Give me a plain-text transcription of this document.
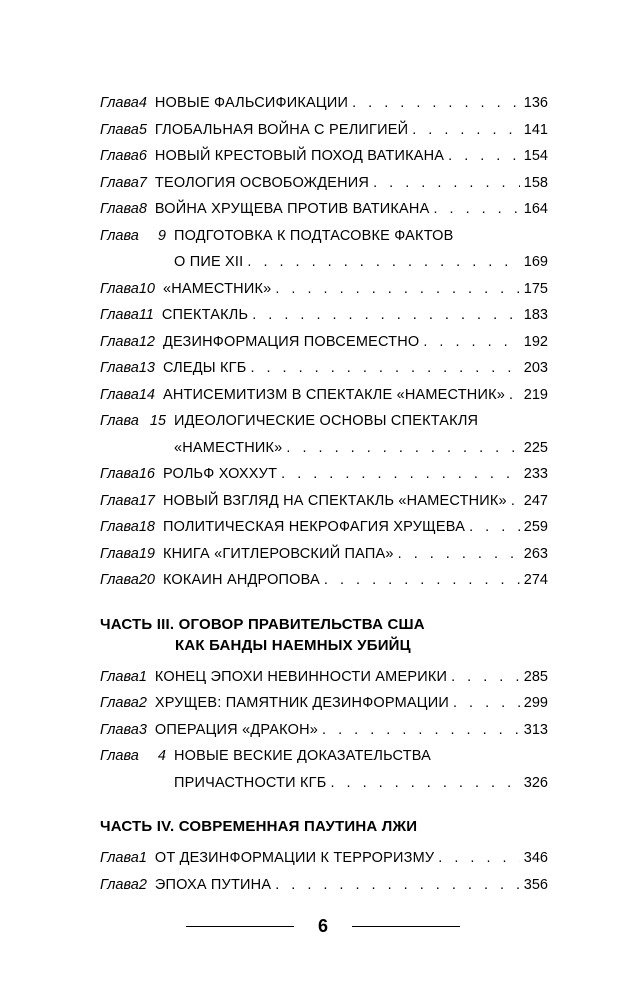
Глава 4 НОВЫЕ ФАЛЬСИФИКАЦИИ . . .	136
Глава 5 ГЛОБАЛЬНАЯ ВОЙНА С РЕЛИГИЕЙ . . .	141
Глава 6 НОВЫЙ КРЕСТОВЫЙ ПОХОД ВАТИКАНА . . .	154
Глава 7 ТЕОЛОГИЯ ОСВОБОЖДЕНИЯ . . .	158
Глава 8 ВОЙНА ХРУЩЕВА ПРОТИВ ВАТИКАНА . . .	164
Глава	9 ПОДГОТОВКА К ПОДТАСОВКЕ ФАКТОВ
О ПИЕ XII . . .	169
Глава 10 «НАМЕСТНИК» . . .	175
Глава 11 СПЕКТАКЛЬ . . .	183
Глава 12 ДЕЗИНФОРМАЦИЯ ПОВСЕМЕСТНО . . .	192
Глава 13 СЛЕДЫ КГБ . . .	203
Глава 14 АНТИСЕМИТИЗМ В СПЕКТАКЛЕ «НАМЕСТНИК» . . . 219
Глава 15 ИДЕОЛОГИЧЕСКИЕ ОСНОВЫ СПЕКТАКЛЯ
«НАМЕСТНИК» . . .	225
Глава 16 РОЛЬФ ХОХХУТ . . .	233
Глава 17 НОВЫЙ ВЗГЛЯД НА СПЕКТАКЛЬ «НАМЕСТНИК» . . . 247
Глава 18 ПОЛИТИЧЕСКАЯ НЕКРОФАГИЯ ХРУЩЕВА . . .	259
Глава 19 КНИГА «ГИТЛЕРОВСКИЙ ПАПА» . . .	263
Глава 20 КОКАИН АНДРОПОВА . . .	274
ЧАСТЬ III. ОГОВОР ПРАВИТЕЛЬСТВА США
КАК БАНДЫ НАЕМНЫХ УБИЙЦ
Глава 1 КОНЕЦ ЭПОХИ НЕВИННОСТИ АМЕРИКИ . . .	285
Глава 2 ХРУЩЕВ: ПАМЯТНИК ДЕЗИНФОРМАЦИИ . . .	299
Глава 3 ОПЕРАЦИЯ «ДРАКОН» . . .	313
Глава	4 НОВЫЕ ВЕСКИЕ ДОКАЗАТЕЛЬСТВА
ПРИЧАСТНОСТИ КГБ . . .	326
ЧАСТЬ IV. СОВРЕМЕННАЯ ПАУТИНА ЛЖИ
Глава 1 ОТ ДЕЗИНФОРМАЦИИ К ТЕРРОРИЗМУ . . .	346
Глава 2 ЭПОХА ПУТИНА . . .	356
6
